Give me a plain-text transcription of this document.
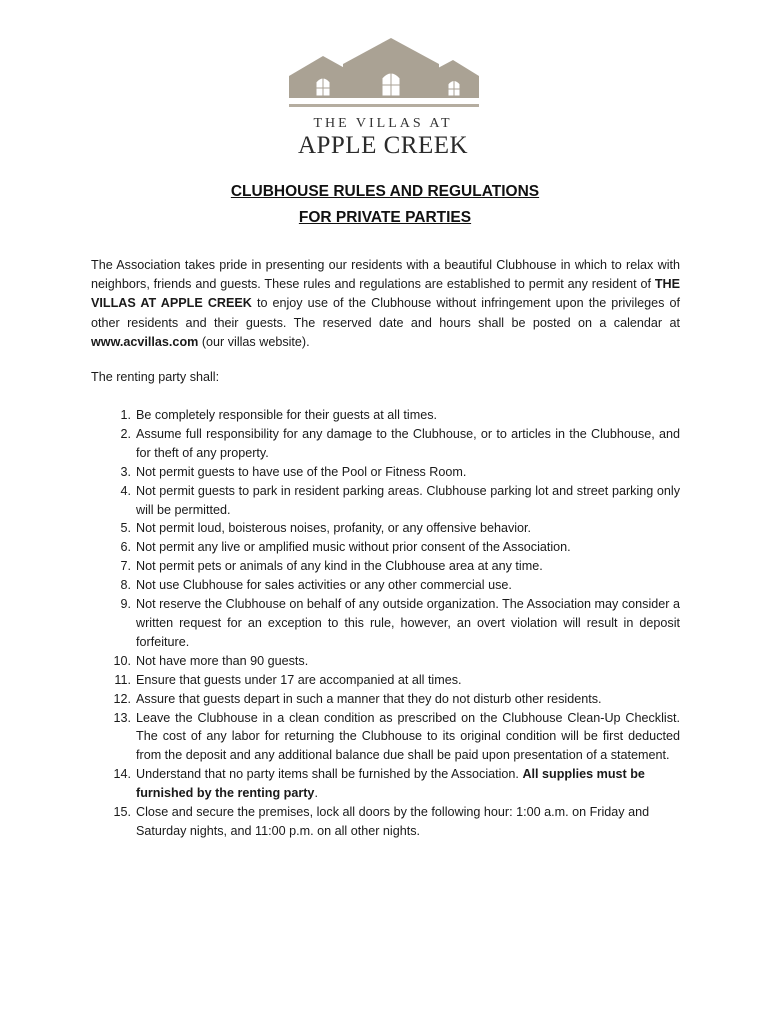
THE VILLAS AT
APPLE CREEK
CLUBHOUSE RULES AND REGULATIONS
FOR PRIVATE PARTIES

The Association takes pride in presenting our residents with a beautiful Clubhouse in which to relax with neighbors, friends and guests. These rules and regulations are established to permit any resident of THE VILLAS AT APPLE CREEK to enjoy use of the Clubhouse without infringement upon the privileges of other residents and their guests. The reserved date and hours shall be posted on a calendar at www.acvillas.com (our villas website).

The renting party shall:

1. Be completely responsible for their guests at all times.
2. Assume full responsibility for any damage to the Clubhouse, or to articles in the Clubhouse, and for theft of any property.
3. Not permit guests to have use of the Pool or Fitness Room.
4. Not permit guests to park in resident parking areas. Clubhouse parking lot and street parking only will be permitted.
5. Not permit loud, boisterous noises, profanity, or any offensive behavior.
6. Not permit any live or amplified music without prior consent of the Association.
7. Not permit pets or animals of any kind in the Clubhouse area at any time.
8. Not use Clubhouse for sales activities or any other commercial use.
9. Not reserve the Clubhouse on behalf of any outside organization. The Association may consider a written request for an exception to this rule, however, an overt violation will result in deposit forfeiture.
10. Not have more than 90 guests.
11. Ensure that guests under 17 are accompanied at all times.
12. Assure that guests depart in such a manner that they do not disturb other residents.
13. Leave the Clubhouse in a clean condition as prescribed on the Clubhouse Clean-Up Checklist. The cost of any labor for returning the Clubhouse to its original condition will be first deducted from the deposit and any additional balance due shall be paid upon presentation of a statement.
14. Understand that no party items shall be furnished by the Association. All supplies must be furnished by the renting party.
15. Close and secure the premises, lock all doors by the following hour: 1:00 a.m. on Friday and Saturday nights, and 11:00 p.m. on all other nights.
